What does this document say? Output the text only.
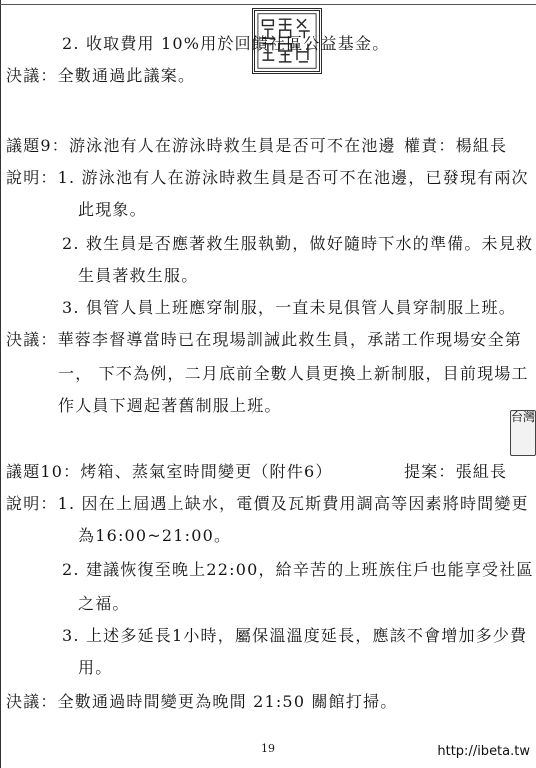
2. 收取費用 10%用於回饋社區公益基金。
決議：全數通過此議案。
議題9：游泳池有人在游泳時救生員是否可不在池邊 權責：楊組長
說明：1. 游泳池有人在游泳時救生員是否可不在池邊，已發現有兩次
此現象。
2. 救生員是否應著救生服執勤，做好隨時下水的準備。未見救
生員著救生服。
3. 俱管人員上班應穿制服，一直未見俱管人員穿制服上班。
決議：華蓉李督導當時已在現場訓誡此救生員，承諾工作現場安全第
一， 下不為例，二月底前全數人員更換上新制服，目前現場工
作人員下週起著舊制服上班。
議題10：烤箱、蒸氣室時間變更（附件6）	提案：張組長
說明：1. 因在上屆遇上缺水，電價及瓦斯費用調高等因素將時間變更
為16:00~21:00。
2. 建議恢復至晚上22:00，給辛苦的上班族住戶也能享受社區
之福。
3. 上述多延長1小時，屬保溫溫度延長，應該不會增加多少費
用。
決議：全數通過時間變更為晚間 21:50 關館打掃。
台灣
19	http://ibeta.tw
